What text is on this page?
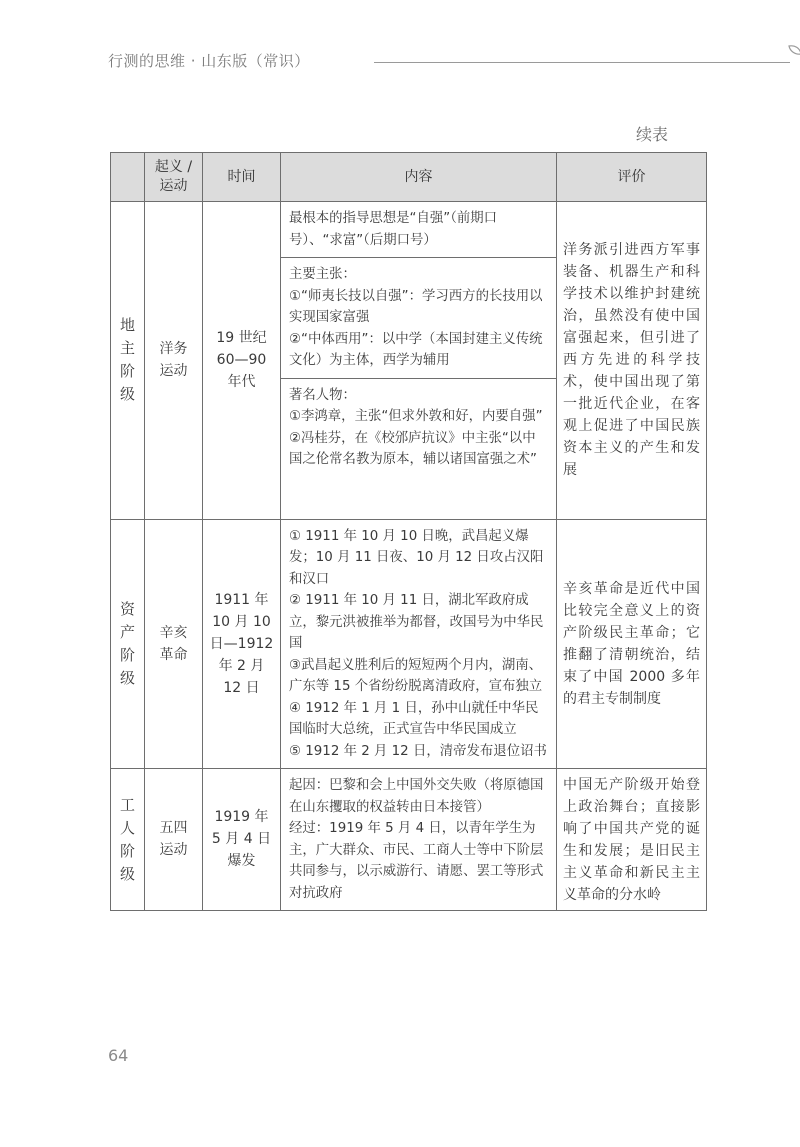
行测的思维 · 山东版（常识）
续表
	起义 / 运动	时间	内容	评价
地主阶级	洋务运动	19 世纪 60—90 年代	最根本的指导思想是“自强”（前期口号）、“求富”（后期口号）	洋务派引进西方军事装备、机器生产和科学技术以维护封建统治，虽然没有使中国富强起来，但引进了西方先进的科学技术，使中国出现了第一批近代企业，在客观上促进了中国民族资本主义的产生和发展

			主要主张：
①“师夷长技以自强”：学习西方的长技用以实现国家富强
②“中体西用”：以中学（本国封建主义传统文化）为主体，西学为辅用	

			著名人物：
①李鸿章，主张“但求外敦和好，内要自强”
②冯桂芬，在《校邠庐抗议》中主张“以中国之伦常名教为原本，辅以诸国富强之术”	

资产阶级	辛亥革命	1911 年 10 月 10 日—1912 年 2 月 12 日	① 1911 年 10 月 10 日晚，武昌起义爆发；10 月 11 日夜、10 月 12 日攻占汉阳和汉口
② 1911 年 10 月 11 日，湖北军政府成立，黎元洪被推举为都督，改国号为中华民国
③武昌起义胜利后的短短两个月内，湖南、广东等 15 个省纷纷脱离清政府，宣布独立
④ 1912 年 1 月 1 日，孙中山就任中华民国临时大总统，正式宣告中华民国成立
⑤ 1912 年 2 月 12 日，清帝发布退位诏书	辛亥革命是近代中国比较完全意义上的资产阶级民主革命；它推翻了清朝统治，结束了中国 2000 多年的君主专制制度
工人阶级	五四运动	1919 年 5 月 4 日爆发	起因：巴黎和会上中国外交失败（将原德国在山东攫取的权益转由日本接管）
经过：1919 年 5 月 4 日，以青年学生为主，广大群众、市民、工商人士等中下阶层共同参与，以示威游行、请愿、罢工等形式对抗政府	中国无产阶级开始登上政治舞台；直接影响了中国共产党的诞生和发展；是旧民主主义革命和新民主主义革命的分水岭
64
